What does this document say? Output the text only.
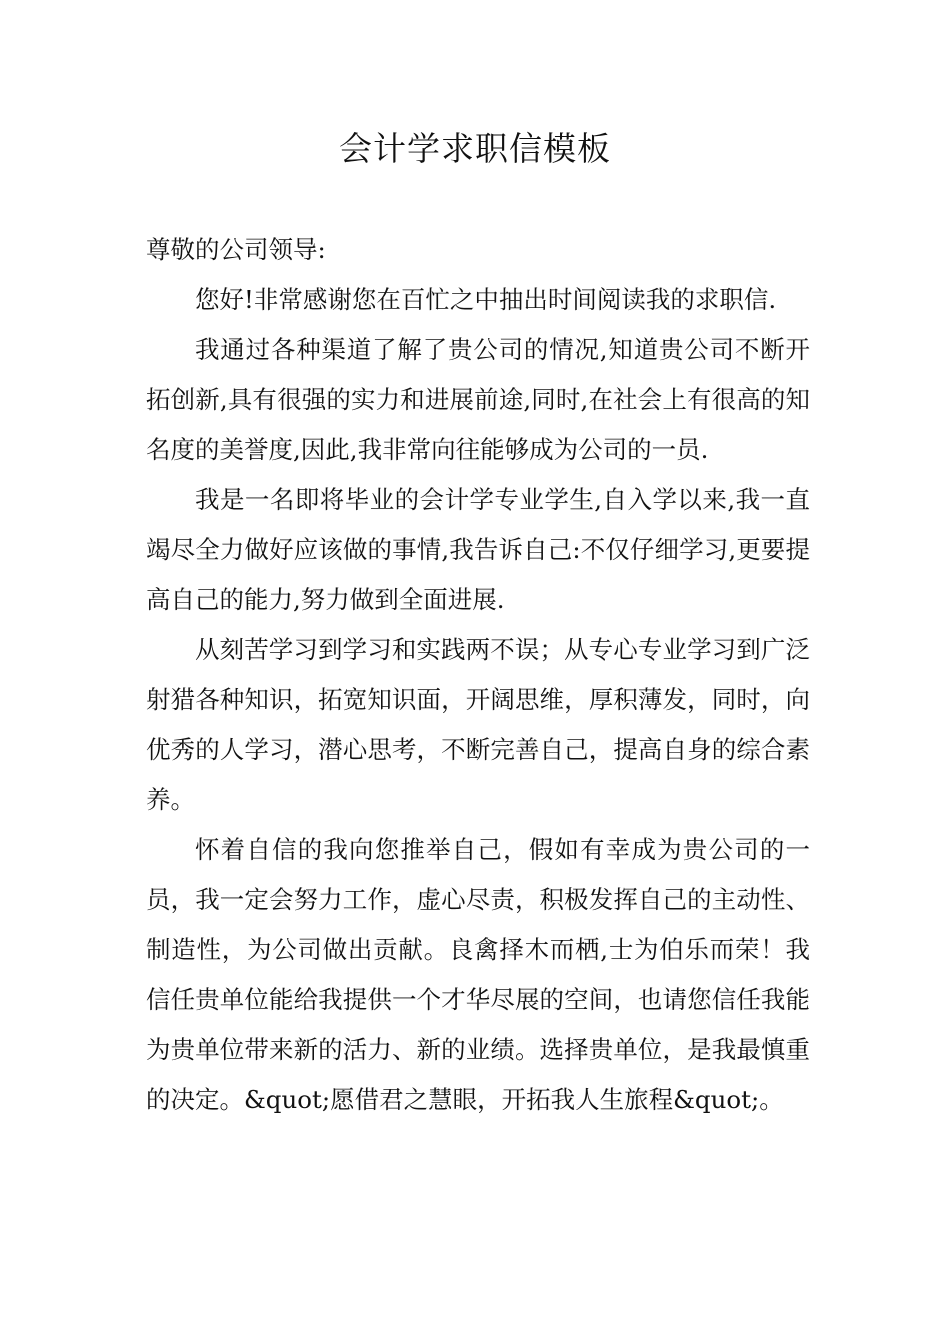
会计学求职信模板

尊敬的公司领导:

您好!非常感谢您在百忙之中抽出时间阅读我的求职信.

我通过各种渠道了解了贵公司的情况,知道贵公司不断开拓创新,具有很强的实力和进展前途,同时,在社会上有很高的知名度的美誉度,因此,我非常向往能够成为公司的一员.

我是一名即将毕业的会计学专业学生,自入学以来,我一直竭尽全力做好应该做的事情,我告诉自己:不仅仔细学习,更要提高自己的能力,努力做到全面进展.

从刻苦学习到学习和实践两不误；从专心专业学习到广泛射猎各种知识，拓宽知识面，开阔思维，厚积薄发，同时，向优秀的人学习，潜心思考，不断完善自己，提高自身的综合素养。

怀着自信的我向您推举自己，假如有幸成为贵公司的一员，我一定会努力工作，虚心尽责，积极发挥自己的主动性、制造性，为公司做出贡献。良禽择木而栖,士为伯乐而荣！我信任贵单位能给我提供一个才华尽展的空间，也请您信任我能为贵单位带来新的活力、新的业绩。选择贵单位，是我最慎重的决定。&quot;愿借君之慧眼，开拓我人生旅程&quot;。
